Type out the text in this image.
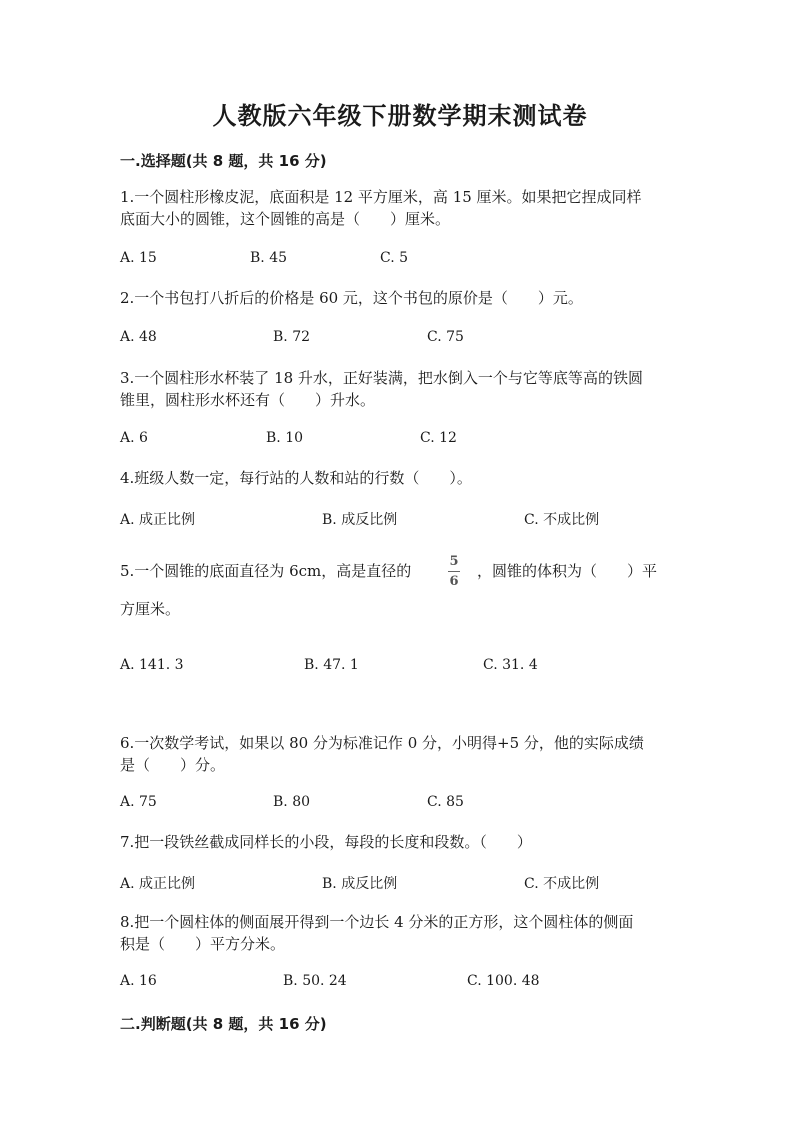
人教版六年级下册数学期末测试卷
一.选择题(共 8 题，共 16 分)
1.一个圆柱形橡皮泥，底面积是 12 平方厘米，高 15 厘米。如果把它捏成同样
底面大小的圆锥，这个圆锥的高是（　　）厘米。
A. 15	B. 45	C. 5
2.一个书包打八折后的价格是 60 元，这个书包的原价是（　　）元。
A. 48	B. 72	C. 75
3.一个圆柱形水杯装了 18 升水，正好装满，把水倒入一个与它等底等高的铁圆
锥里，圆柱形水杯还有（　　）升水。
A. 6	B. 10	C. 12
4.班级人数一定，每行站的人数和站的行数（　　）。
A. 成正比例	B. 成反比例	C. 不成比例
5.一个圆锥的底面直径为 6cm，高是直径的
5
6
，圆锥的体积为（　　）平
方厘米。
A. 141. 3	B. 47. 1	C. 31. 4
6.一次数学考试，如果以 80 分为标准记作 0 分，小明得+5 分，他的实际成绩
是（　　）分。
A. 75	B. 80	C. 85
7.把一段铁丝截成同样长的小段，每段的长度和段数。（　　）
A. 成正比例	B. 成反比例	C. 不成比例
8.把一个圆柱体的侧面展开得到一个边长 4 分米的正方形，这个圆柱体的侧面
积是（　　）平方分米。
A. 16	B. 50. 24	C. 100. 48
二.判断题(共 8 题，共 16 分)
